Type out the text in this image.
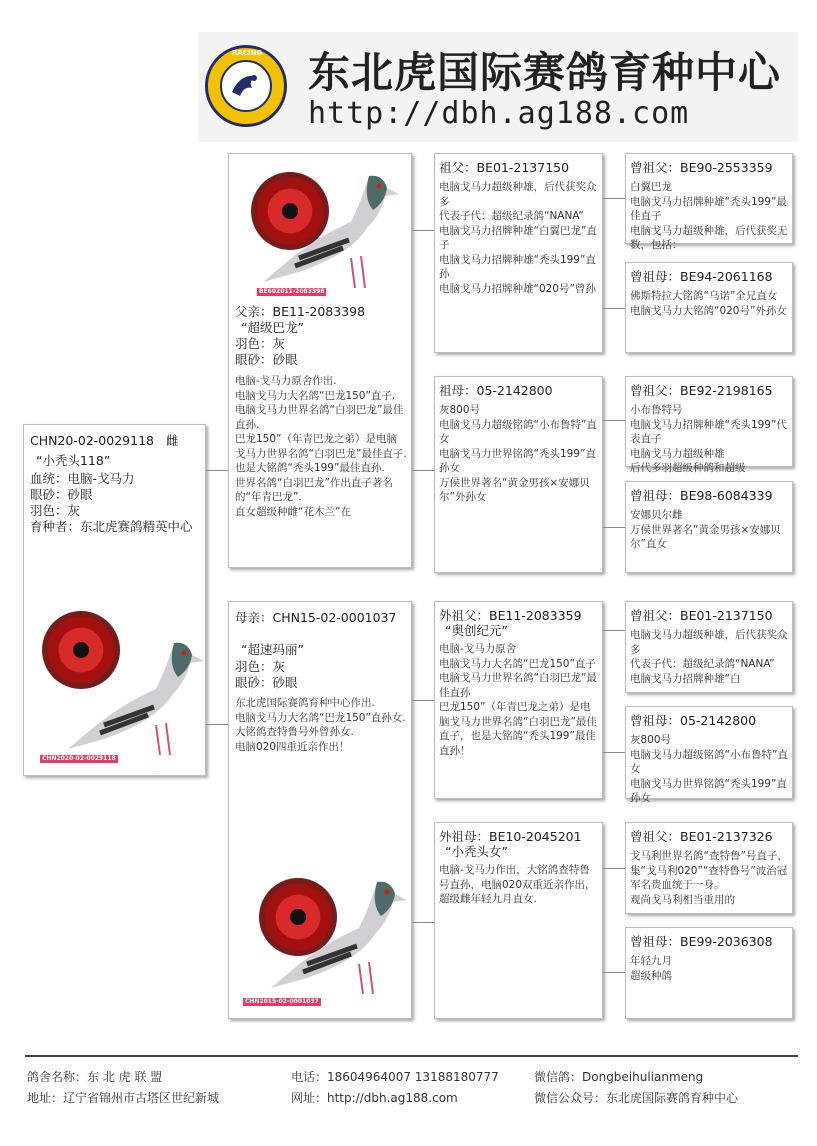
RACING 东北虎国际赛鸽育种中心
http://dbh.ag188.com
CHN20-02-0029118 雌
“小秃头118”
血统：电脑-戈马力
眼砂：砂眼
羽色：灰
育种者：东北虎赛鸽精英中心
CHN2020-02-0029118
BE602011-2083398
父亲：BE11-2083398
“超级巴龙”
羽色：灰
眼砂：砂眼
电脑-戈马力原舍作出.
电脑戈马力大名鸽“巴龙150”直子.
电脑戈马力世界名鸽“白羽巴龙”最佳直孙.
巴龙150”（年青巴龙之弟）是电脑戈马力世界名鸽“白羽巴龙”最佳直子.
也是大铭鸽“秃头199”最佳直孙.
世界名鸽“白羽巴龙”作出直子著名的“年青巴龙”.
直女超级种雌“花木兰”在
母亲：CHN15-02-0001037
“超速玛丽”
羽色：灰
眼砂：砂眼
东北虎国际赛鸽育种中心作出.
电脑戈马力大名鸽“巴龙150”直孙女.
大铭鸽查特鲁号外曾孙女.
电脑020四重近亲作出！
CHN2015-02-0001037
祖父：BE01-2137150
电脑戈马力超级种雄，后代获奖众多
代表子代：超级纪录鸽“NANA”
电脑戈马力招牌种雄“白翼巴龙”直子
电脑戈马力招牌种雄“秃头199”直孙
电脑戈马力招牌种雄“020号”曾孙
祖母：05-2142800
灰800号
电脑戈马力超级铭鸽“小布鲁特”直女
电脑戈马力世界铭鸽“秃头199”直孙女
万侯世界著名“黄金男孩×安娜贝尔”外孙女
外祖父：BE11-2083359
“奥创纪元”
电脑-戈马力原舍
电脑戈马力大名鸽“巴龙150”直子
电脑戈马力世界名鸽“白羽巴龙”最佳直孙
巴龙150”（年青巴龙之弟）是电脑戈马力世界名鸽“白羽巴龙”最佳直子，也是大铭鸽“秃头199”最佳直孙！
外祖母：BE10-2045201
“小秃头女”
电脑-戈马力作出，大铭鸽查特鲁号直孙，电脑020双重近亲作出，超级雌年轻九月直女.
曾祖父：BE90-2553359
白翼巴龙
电脑戈马力招牌种雄“秃头199”最佳直子
电脑戈马力超级种雄，后代获奖无数，包括：
曾祖母：BE94-2061168
佛斯特拉大铭鸽“乌诺”全兄直女
电脑戈马力大铭鸽“020号”外孙女
曾祖父：BE92-2198165
小布鲁特号
电脑戈马力招牌种雄“秃头199”代表直子
电脑戈马力超级种雄
后代多羽超级种鸽和超级
曾祖母：BE98-6084339
安娜贝尔雌
万侯世界著名“黄金男孩×安娜贝尔”直女
曾祖父：BE01-2137150
电脑戈马力超级种雄，后代获奖众多
代表子代：超级纪录鸽“NANA”
电脑戈马力招牌种雄“白
曾祖母：05-2142800
灰800号
电脑戈马力超级铭鸽“小布鲁特”直女
电脑戈马力世界铭鸽“秃头199”直孙女
曾祖父：BE01-2137326
戈马利世界名鸽“查特鲁”号直子，集“戈马利020”“查特鲁号”波治冠军名贵血统于一身。
观尚戈马利相当重用的
曾祖母：BE99-2036308
年轻九月
超级种鸽
鸽舍名称：东 北 虎 联 盟
地址：辽宁省锦州市古塔区世纪新城
电话：18604964007 13188180777
网址：http://dbh.ag188.com
微信鸽：Dongbeihulianmeng
微信公众号：东北虎国际赛鸽育种中心
